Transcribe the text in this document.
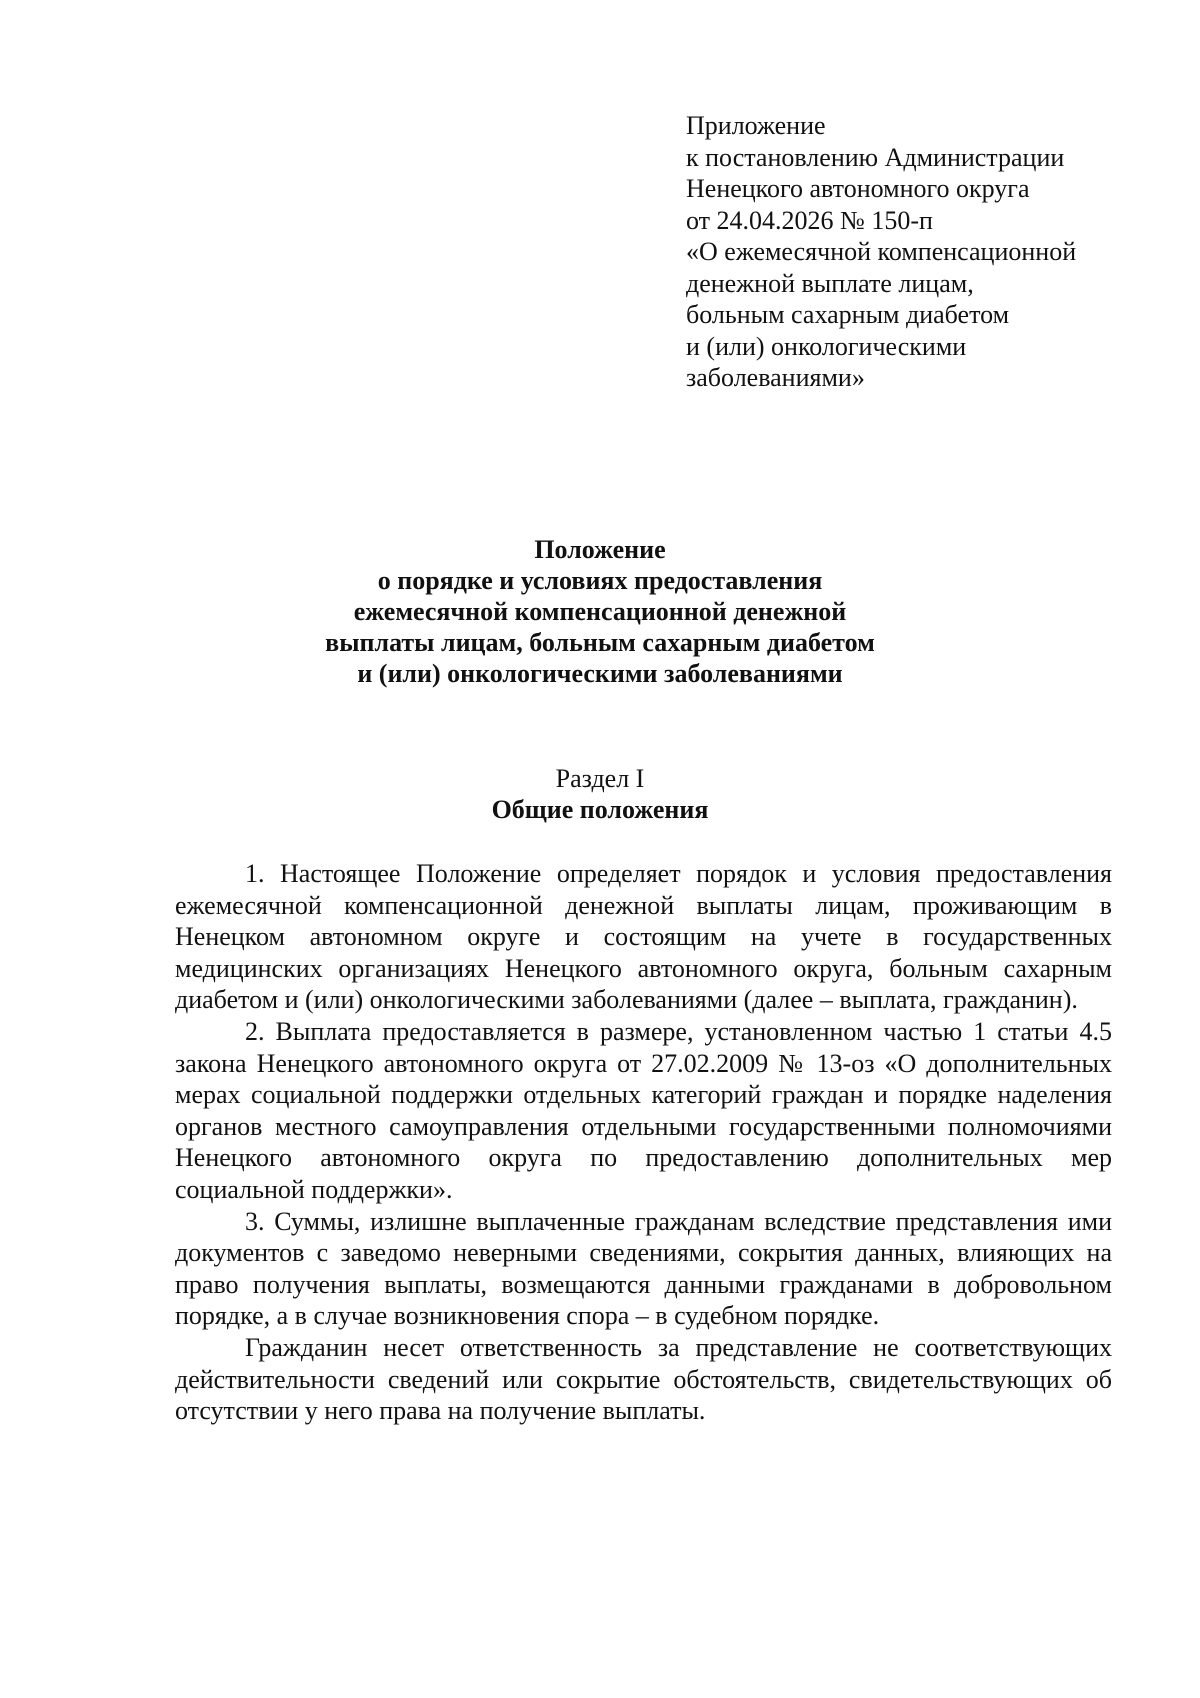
Приложение
к постановлению Администрации
Ненецкого автономного округа
от 24.04.2026 № 150-п
«О ежемесячной компенсационной
денежной выплате лицам,
больным сахарным диабетом
и (или) онкологическими
заболеваниями»
Положение
о порядке и условиях предоставления
ежемесячной компенсационной денежной
выплаты лицам, больным сахарным диабетом
и (или) онкологическими заболеваниями
Раздел I
Общие положения

1. Настоящее Положение определяет порядок и условия предоставления ежемесячной компенсационной денежной выплаты лицам, проживающим в Ненецком автономном округе и состоящим на учете в государственных медицинских организациях Ненецкого автономного округа, больным сахарным диабетом и (или) онкологическими заболеваниями (далее – выплата, гражданин).

2. Выплата предоставляется в размере, установленном частью 1 статьи 4.5 закона Ненецкого автономного округа от 27.02.2009 № 13-оз «О дополнительных мерах социальной поддержки отдельных категорий граждан и порядке наделения органов местного самоуправления отдельными государственными полномочиями Ненецкого автономного округа по предоставлению дополнительных мер социальной поддержки».

3. Суммы, излишне выплаченные гражданам вследствие представления ими документов с заведомо неверными сведениями, сокрытия данных, влияющих на право получения выплаты, возмещаются данными гражданами в добровольном порядке, а в случае возникновения спора – в судебном порядке.

Гражданин несет ответственность за представление не соответствующих действительности сведений или сокрытие обстоятельств, свидетельствующих об отсутствии у него права на получение выплаты.
